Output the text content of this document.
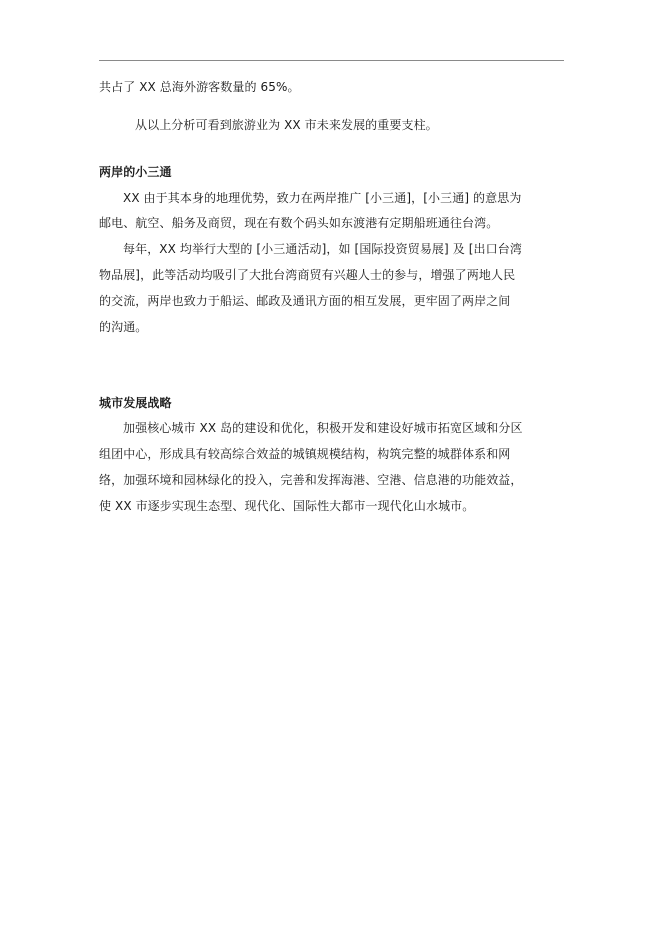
共占了 XX 总海外游客数量的 65%。
从以上分析可看到旅游业为 XX 市未来发展的重要支柱。
两岸的小三通
XX 由于其本身的地理优势，致力在两岸推广 [小三通]，[小三通] 的意思为
邮电、航空、船务及商贸，现在有数个码头如东渡港有定期船班通往台湾。
每年，XX 均举行大型的 [小三通活动]，如 [国际投资贸易展] 及 [出口台湾
物品展]，此等活动均吸引了大批台湾商贸有兴趣人士的参与，增强了两地人民
的交流，两岸也致力于船运、邮政及通讯方面的相互发展，更牢固了两岸之间
的沟通。
城市发展战略
加强核心城市 XX 岛的建设和优化，积极开发和建设好城市拓宽区域和分区
组团中心，形成具有较高综合效益的城镇规模结构，构筑完整的城群体系和网
络，加强环境和园林绿化的投入，完善和发挥海港、空港、信息港的功能效益，
使 XX 市逐步实现生态型、现代化、国际性大都市一现代化山水城市。
